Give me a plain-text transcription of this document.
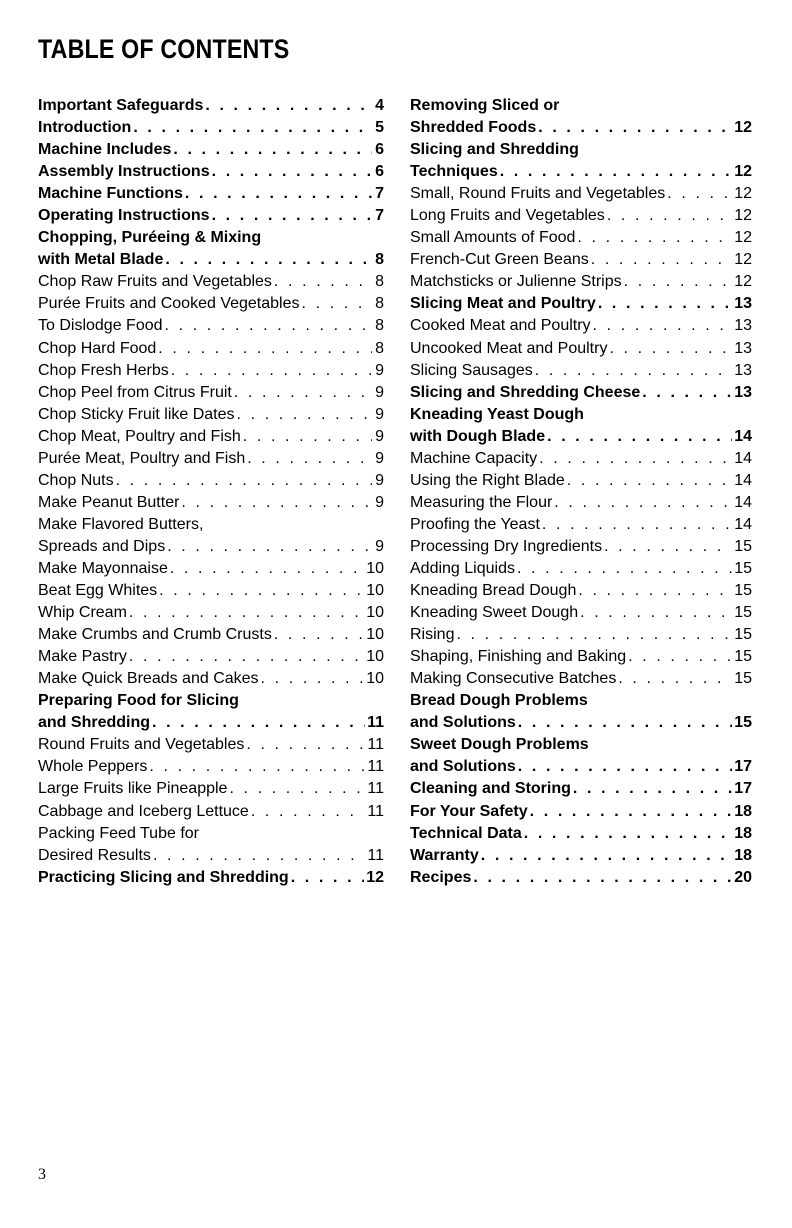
TABLE OF CONTENTS
Important Safeguards . . .	4
Introduction . . .	5
Machine Includes . . .	6
Assembly Instructions . . .	6
Machine Functions . . .	7
Operating Instructions . . .	7
Chopping, Puréeing & Mixing
with Metal Blade . . .	8
Chop Raw Fruits and Vegetables . . .	8
Purée Fruits and Cooked Vegetables . . .	8
To Dislodge Food . . .	8
Chop Hard Food . . .	8
Chop Fresh Herbs . . .	9
Chop Peel from Citrus Fruit . . .	9
Chop Sticky Fruit like Dates . . .	9
Chop Meat, Poultry and Fish . . .	9
Purée Meat, Poultry and Fish . . .	9
Chop Nuts . . .	9
Make Peanut Butter . . .	9
Make Flavored Butters,
Spreads and Dips . . .	9
Make Mayonnaise . . .	10
Beat Egg Whites . . .	10
Whip Cream . . .	10
Make Crumbs and Crumb Crusts . . .	10
Make Pastry . . .	10
Make Quick Breads and Cakes . . .	10
Preparing Food for Slicing
and Shredding . . .	11
Round Fruits and Vegetables . . .	11
Whole Peppers . . .	11
Large Fruits like Pineapple . . .	11
Cabbage and Iceberg Lettuce . . .	11
Packing Feed Tube for
Desired Results . . .	11
Practicing Slicing and Shredding . . .	12
Removing Sliced or
Shredded Foods . . .	12
Slicing and Shredding
Techniques . . .	12
Small, Round Fruits and Vegetables . . .	12
Long Fruits and Vegetables . . .	12
Small Amounts of Food . . .	12
French-Cut Green Beans . . .	12
Matchsticks or Julienne Strips . . .	12
Slicing Meat and Poultry . . .	13
Cooked Meat and Poultry . . .	13
Uncooked Meat and Poultry . . .	13
Slicing Sausages . . .	13
Slicing and Shredding Cheese . . .	13
Kneading Yeast Dough
with Dough Blade . . .	14
Machine Capacity . . .	14
Using the Right Blade . . .	14
Measuring the Flour . . .	14
Proofing the Yeast . . .	14
Processing Dry Ingredients . . .	15
Adding Liquids . . .	15
Kneading Bread Dough . . .	15
Kneading Sweet Dough . . .	15
Rising . . .	15
Shaping, Finishing and Baking . . .	15
Making Consecutive Batches . . .	15
Bread Dough Problems
and Solutions . . .	15
Sweet Dough Problems
and Solutions . . .	17
Cleaning and Storing . . .	17
For Your Safety . . .	18
Technical Data . . .	18
Warranty . . .	18
Recipes . . .	20

3
